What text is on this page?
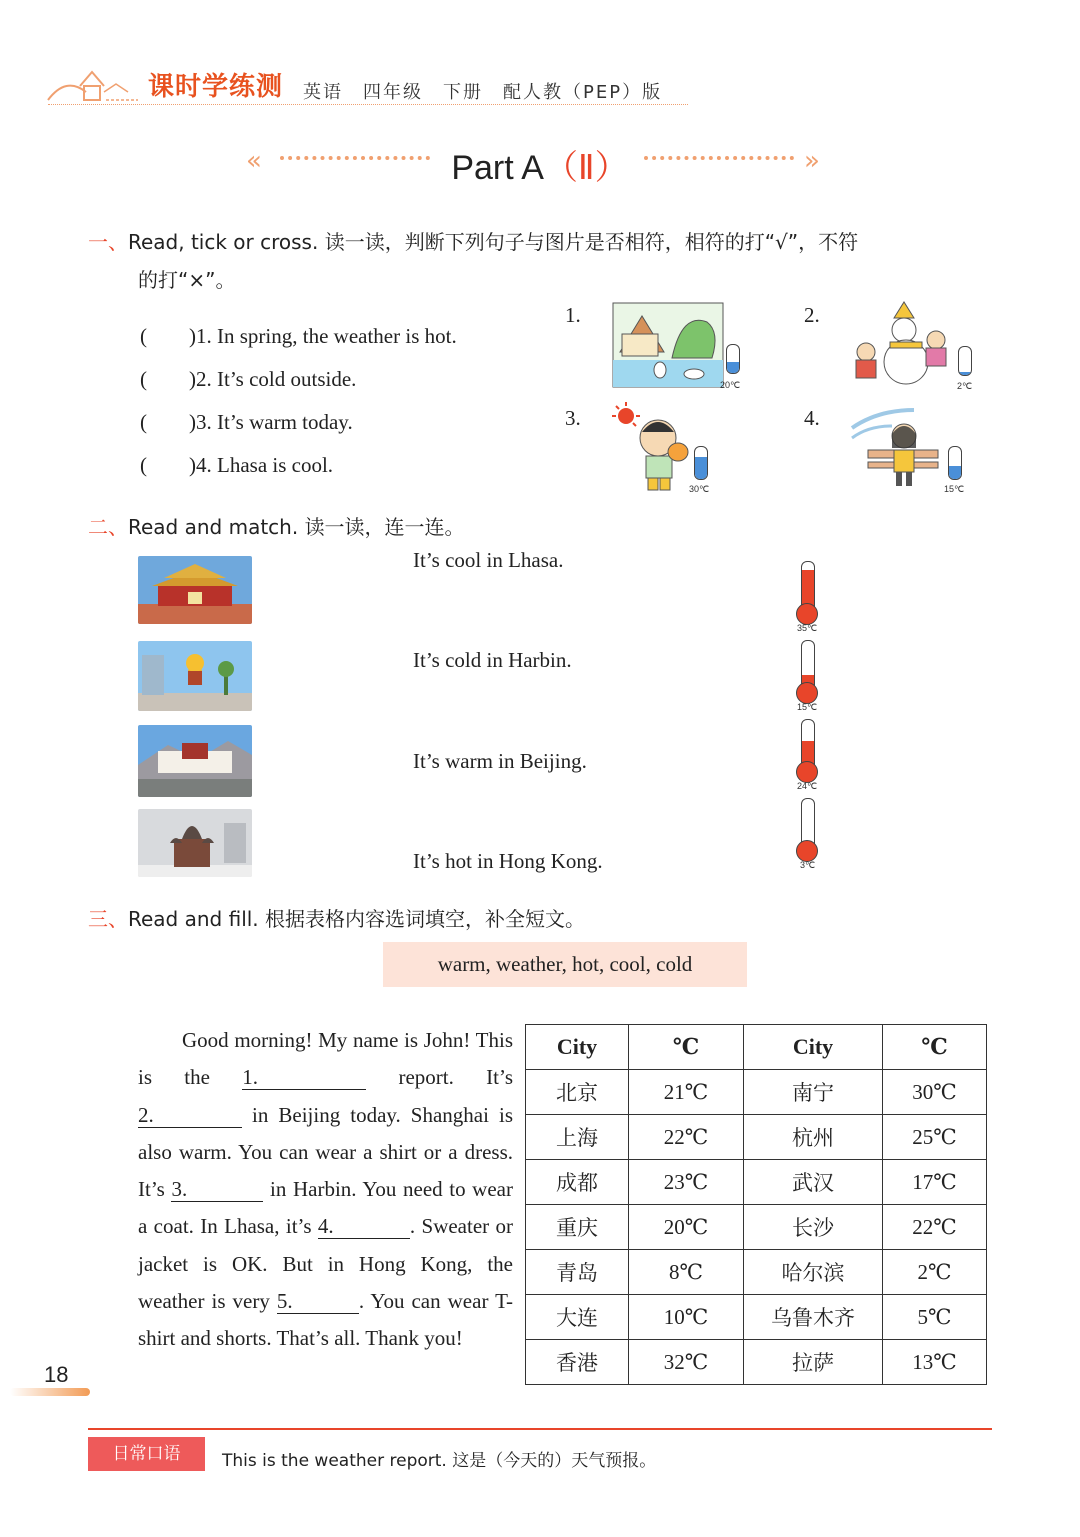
课时学练测 英语　四年级　下册　配人教（PEP）版
«	Part A（Ⅱ）	»
一、Read, tick or cross. 读一读，判断下列句子与图片是否相符，相符的打“√”，不符
的打“×”。
(　　)1. In spring, the weather is hot.
(　　)2. It’s cold outside.
(　　)3. It’s warm today.
(　　)4. Lhasa is cool.
1.
20℃
2.
2℃
3.
30℃
4.
15℃
二、Read and match. 读一读，连一连。
It’s cool in Lhasa.
It’s cold in Harbin.
It’s warm in Beijing.
It’s hot in Hong Kong.
35℃
15℃
24℃
3℃
三、Read and fill. 根据表格内容选词填空，补全短文。
warm, weather, hot, cool, cold
Good morning! My name is John! This is the 1.	report. It’s 2.	in Beijing today. Shanghai is also warm. You can wear a shirt or a dress. It’s 3.	in Harbin. You need to wear a coat. In Lhasa, it’s 4.	. Sweater or jacket is OK. But in Hong Kong, the weather is very 5.	. You can wear T-shirt and shorts. That’s all. Thank you!
City	℃	City	℃
北京	21℃	南宁	30℃
上海	22℃	杭州	25℃
成都	23℃	武汉	17℃
重庆	20℃	长沙	22℃
青岛	8℃	哈尔滨	2℃
大连	10℃	乌鲁木齐	5℃
香港	32℃	拉萨	13℃
18
日常口语	This is the weather report. 这是（今天的）天气预报。
